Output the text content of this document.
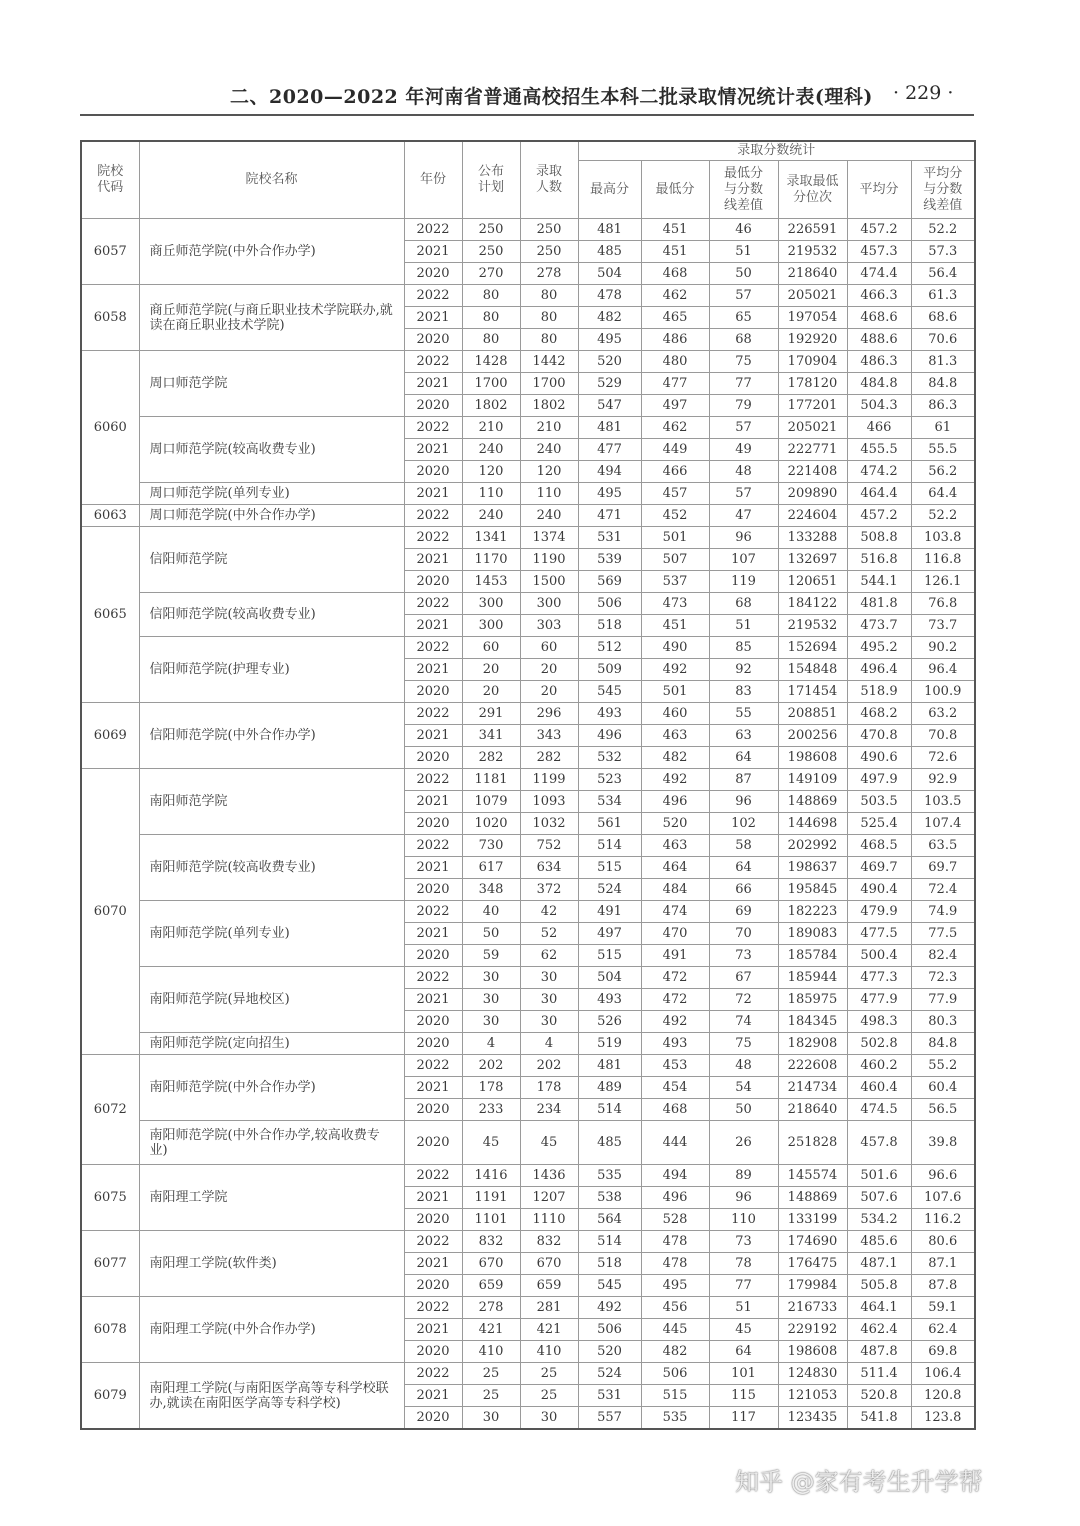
二、2020—2022 年河南省普通高校招生本科二批录取情况统计表(理科) · 229 ·
院校代码	院校名称	年份	公布计划	录取人数	录取分数统计					
					最高分	最低分	最低分与分数线差值	录取最低分位次	平均分	平均分与分数线差值
6057	商丘师范学院(中外合作办学)	2022	250	250	481	451	46	226591	457.2	52.2
		2021	250	250	485	451	51	219532	457.3	57.3
		2020	270	278	504	468	50	218640	474.4	56.4
6058	商丘师范学院(与商丘职业技术学院联办,就读在商丘职业技术学院)	2022	80	80	478	462	57	205021	466.3	61.3
		2021	80	80	482	465	65	197054	468.6	68.6
		2020	80	80	495	486	68	192920	488.6	70.6
6060	周口师范学院	2022	1428	1442	520	480	75	170904	486.3	81.3
		2021	1700	1700	529	477	77	178120	484.8	84.8
		2020	1802	1802	547	497	79	177201	504.3	86.3
	周口师范学院(较高收费专业)	2022	210	210	481	462	57	205021	466	61
		2021	240	240	477	449	49	222771	455.5	55.5
		2020	120	120	494	466	48	221408	474.2	56.2
	周口师范学院(单列专业)	2021	110	110	495	457	57	209890	464.4	64.4
6063	周口师范学院(中外合作办学)	2022	240	240	471	452	47	224604	457.2	52.2
6065	信阳师范学院	2022	1341	1374	531	501	96	133288	508.8	103.8
		2021	1170	1190	539	507	107	132697	516.8	116.8
		2020	1453	1500	569	537	119	120651	544.1	126.1
	信阳师范学院(较高收费专业)	2022	300	300	506	473	68	184122	481.8	76.8
		2021	300	303	518	451	51	219532	473.7	73.7
	信阳师范学院(护理专业)	2022	60	60	512	490	85	152694	495.2	90.2
		2021	20	20	509	492	92	154848	496.4	96.4
		2020	20	20	545	501	83	171454	518.9	100.9
6069	信阳师范学院(中外合作办学)	2022	291	296	493	460	55	208851	468.2	63.2
		2021	341	343	496	463	63	200256	470.8	70.8
		2020	282	282	532	482	64	198608	490.6	72.6
6070	南阳师范学院	2022	1181	1199	523	492	87	149109	497.9	92.9
		2021	1079	1093	534	496	96	148869	503.5	103.5
		2020	1020	1032	561	520	102	144698	525.4	107.4
	南阳师范学院(较高收费专业)	2022	730	752	514	463	58	202992	468.5	63.5
		2021	617	634	515	464	64	198637	469.7	69.7
		2020	348	372	524	484	66	195845	490.4	72.4
	南阳师范学院(单列专业)	2022	40	42	491	474	69	182223	479.9	74.9
		2021	50	52	497	470	70	189083	477.5	77.5
		2020	59	62	515	491	73	185784	500.4	82.4
	南阳师范学院(异地校区)	2022	30	30	504	472	67	185944	477.3	72.3
		2021	30	30	493	472	72	185975	477.9	77.9
		2020	30	30	526	492	74	184345	498.3	80.3
	南阳师范学院(定向招生)	2020	4	4	519	493	75	182908	502.8	84.8
6072	南阳师范学院(中外合作办学)	2022	202	202	481	453	48	222608	460.2	55.2
		2021	178	178	489	454	54	214734	460.4	60.4
		2020	233	234	514	468	50	218640	474.5	56.5
	南阳师范学院(中外合作办学,较高收费专业)	2020	45	45	485	444	26	251828	457.8	39.8
6075	南阳理工学院	2022	1416	1436	535	494	89	145574	501.6	96.6
		2021	1191	1207	538	496	96	148869	507.6	107.6
		2020	1101	1110	564	528	110	133199	534.2	116.2
6077	南阳理工学院(软件类)	2022	832	832	514	478	73	174690	485.6	80.6
		2021	670	670	518	478	78	176475	487.1	87.1
		2020	659	659	545	495	77	179984	505.8	87.8
6078	南阳理工学院(中外合作办学)	2022	278	281	492	456	51	216733	464.1	59.1
		2021	421	421	506	445	45	229192	462.4	62.4
		2020	410	410	520	482	64	198608	487.8	69.8
6079	南阳理工学院(与南阳医学高等专科学校联办,就读在南阳医学高等专科学校)	2022	25	25	524	506	101	124830	511.4	106.4
		2021	25	25	531	515	115	121053	520.8	120.8
		2020	30	30	557	535	117	123435	541.8	123.8
知乎 @家有考生升学帮
